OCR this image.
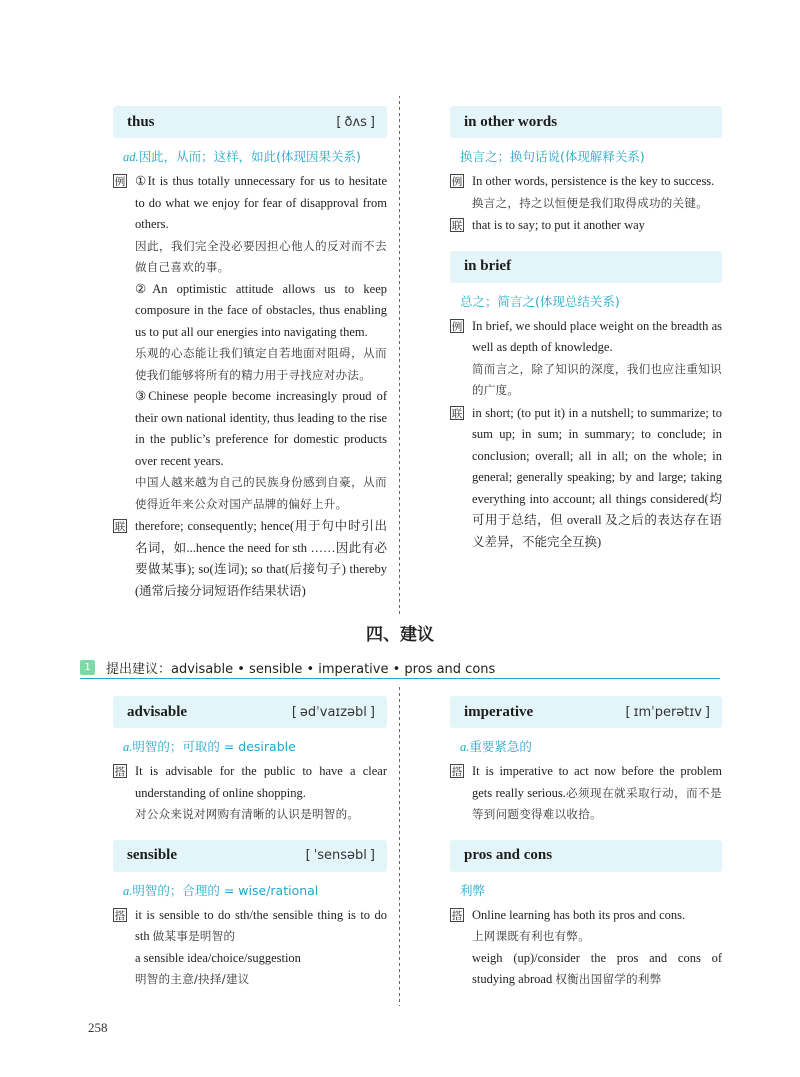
thus	[ ðʌs ]
ad.因此，从而；这样，如此(体现因果关系)
例 ①It is thus totally unnecessary for us to hesitate to do what we enjoy for fear of disapproval from others.

因此，我们完全没必要因担心他人的反对而不去做自己喜欢的事。

②An optimistic attitude allows us to keep composure in the face of obstacles, thus enabling us to put all our energies into navigating them.

乐观的心态能让我们镇定自若地面对阻碍，从而使我们能够将所有的精力用于寻找应对办法。

③Chinese people become increasingly proud of their own national identity, thus leading to the rise in the public’s preference for domestic products over recent years.

中国人越来越为自己的民族身份感到自豪，从而使得近年来公众对国产品牌的偏好上升。

联 therefore; consequently; hence(用于句中时引出名词，如...hence the need for sth ……因此有必要做某事); so(连词); so that(后接句子) thereby (通常后接分词短语作结果状语)

in other words
换言之；换句话说(体现解释关系)
例 In other words, persistence is the key to success.

换言之，持之以恒便是我们取得成功的关键。

联 that is to say; to put it another way

in brief
总之；简言之(体现总结关系)
例 In brief, we should place weight on the breadth as well as depth of knowledge.

简而言之，除了知识的深度，我们也应注重知识的广度。

联 in short; (to put it) in a nutshell; to summarize; to sum up; in sum; in summary; to conclude; in conclusion; overall; all in all; on the whole; in general; generally speaking; by and large; taking everything into account; all things considered(均可用于总结，但 overall 及之后的表达存在语义差异，不能完全互换)

四、建议
1	提出建议：advisable • sensible • imperative • pros and cons
advisable	[ ədˈvaɪzəbl ]
a.明智的；可取的 = desirable
搭 It is advisable for the public to have a clear understanding of online shopping.

对公众来说对网购有清晰的认识是明智的。

sensible	[ ˈsensəbl ]
a.明智的；合理的 = wise/rational
搭 it is sensible to do sth/the sensible thing is to do sth 做某事是明智的

a sensible idea/choice/suggestion

明智的主意/抉择/建议

imperative	[ ɪmˈperətɪv ]
a.重要紧急的
搭 It is imperative to act now before the problem gets really serious.必须现在就采取行动，而不是等到问题变得难以收拾。

pros and cons
利弊
搭 Online learning has both its pros and cons.

上网课既有利也有弊。

weigh (up)/consider the pros and cons of studying abroad 权衡出国留学的利弊

258
